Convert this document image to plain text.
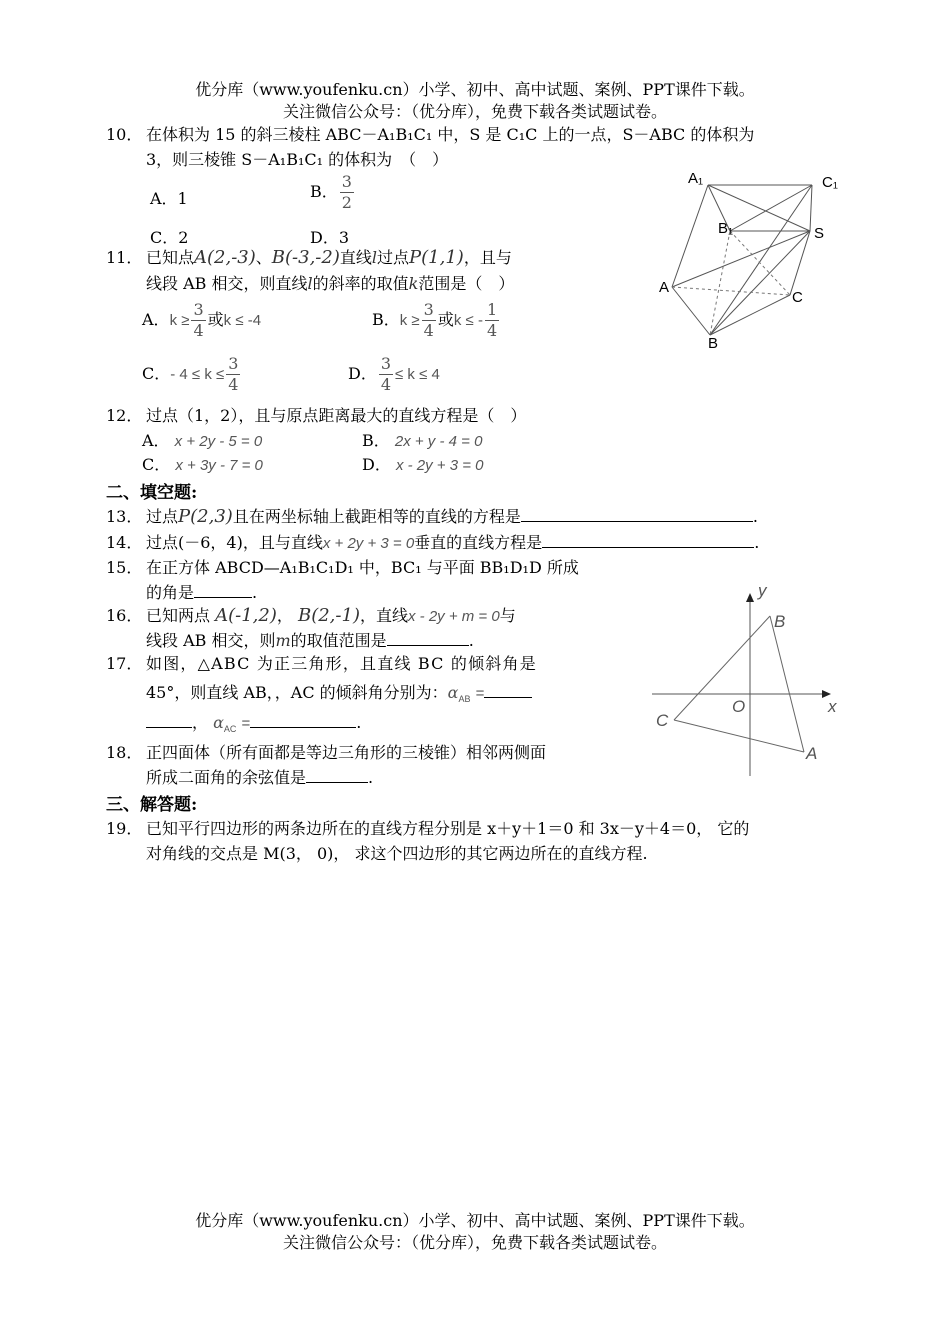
优分库（www.youfenku.cn）小学、初中、高中试题、案例、PPT课件下载。
关注微信公众号：（优分库），免费下载各类试题试卷。
10． 在体积为 15 的斜三棱柱 ABC－A₁B₁C₁ 中，S 是 C₁C 上的一点，S－ABC 的体积为
3，则三棱锥 S－A₁B₁C₁ 的体积为　（　）
A．1	B． $\frac{3}{2}$
C．2	D．3
A₁	C₁
B₁	S
A
C
B
11． 已知点A(2,-3)、B(-3,-2)直线l过点P(1,1)，且与
线段 AB 相交，则直线l的斜率的取值k范围是（　）
A．$k \ge \frac{3}{4}$ 或k ≤ -4	B．$k \ge \frac{3}{4}$ 或k ≤ - $\frac{1}{4}$
C．- $4 \le k \le \frac{3}{4}$	D． $\frac{3}{4} \le k \le 4$
12． 过点（1，2），且与原点距离最大的直线方程是（　）
A． x + 2y - 5 = 0	B． 2x + y - 4 = 0
C． x + 3y - 7 = 0	D． x - 2y + 3 = 0
二、填空题:
13． 过点P(2,3)且在两坐标轴上截距相等的直线的方程是	.
14． 过点(－6，4)，且与直线x + 2y + 3 = 0垂直的直线方程是	.
15． 在正方体 ABCD—A₁B₁C₁D₁ 中，BC₁ 与平面 BB₁D₁D 所成
的角是	.
16． 已知两点 A(-1,2)， B(2,-1)，直线x - 2y + m = 0与
线段 AB 相交，则m的取值范围是	.
17． 如图，△ABC 为正三角形，且直线 BC 的倾斜角是
45°，则直线 AB，，AC 的倾斜角分别为：$\alpha_{AB}$ =
， $\alpha_{AC}$ =	.
x
y
O
B
C
A
18． 正四面体（所有面都是等边三角形的三棱锥）相邻两侧面
所成二面角的余弦值是	.
三、解答题:
19． 已知平行四边形的两条边所在的直线方程分别是 x＋y＋1＝0 和 3x－y＋4＝0， 它的
对角线的交点是 M(3， 0)， 求这个四边形的其它两边所在的直线方程.
优分库（www.youfenku.cn）小学、初中、高中试题、案例、PPT课件下载。
关注微信公众号：（优分库），免费下载各类试题试卷。
